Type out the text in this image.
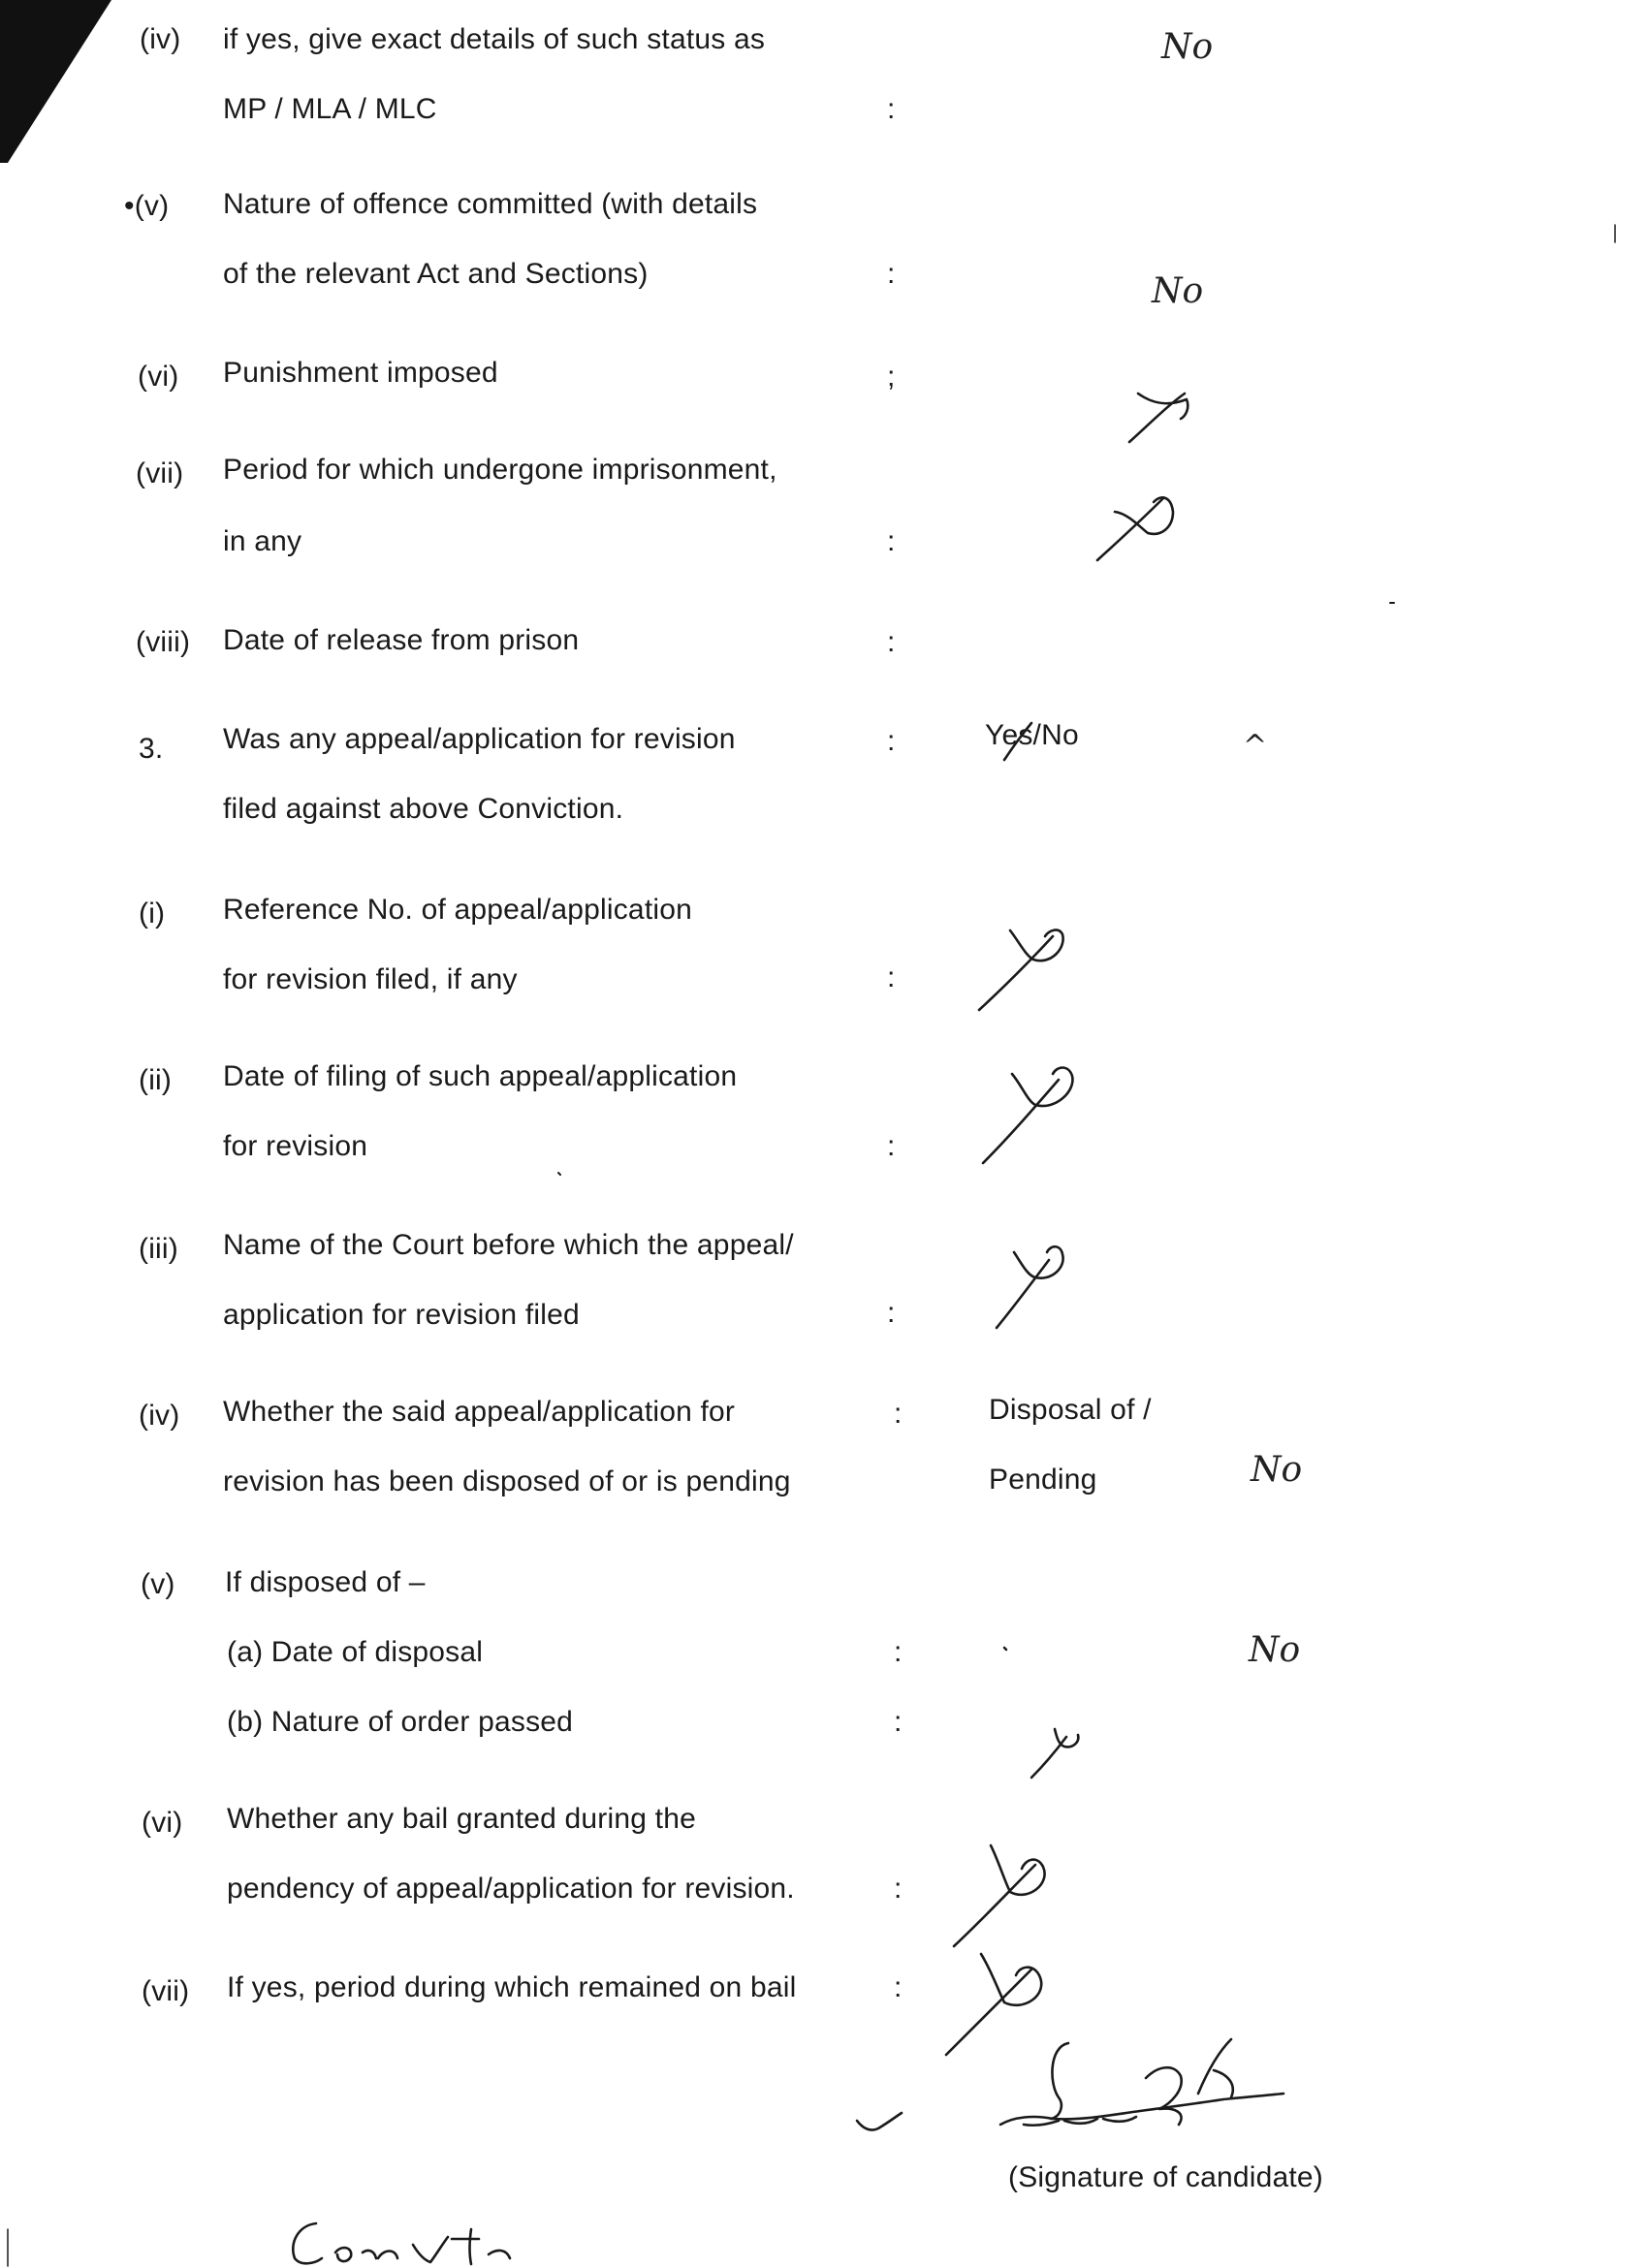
(iv) if yes, give exact details of such status as
MP / MLA / MLC	:
No
•(v) Nature of offence committed (with details
of the relevant Act and Sections)	:	No
(vi) Punishment imposed	;
(vii) Period for which undergone imprisonment,
in any	:
(viii) Date of release from prison	:
3. Was any appeal/application for revision
filed against above Conviction.
:	Yes/No	^
(i) Reference No. of appeal/application
for revision filed, if any	:
(ii) Date of filing of such appeal/application
for revision	:
(iii) Name of the Court before which the appeal/
application for revision filed	:
(iv) Whether the said appeal/application for
revision has been disposed of or is pending
:	Disposal of /
Pending	No
(v) If disposed of –
(a) Date of disposal	:	No
(b) Nature of order passed	:
(vi) Whether any bail granted during the
pendency of appeal/application for revision.	:
(vii) If yes, period during which remained on bail	:
(Signature of candidate)
